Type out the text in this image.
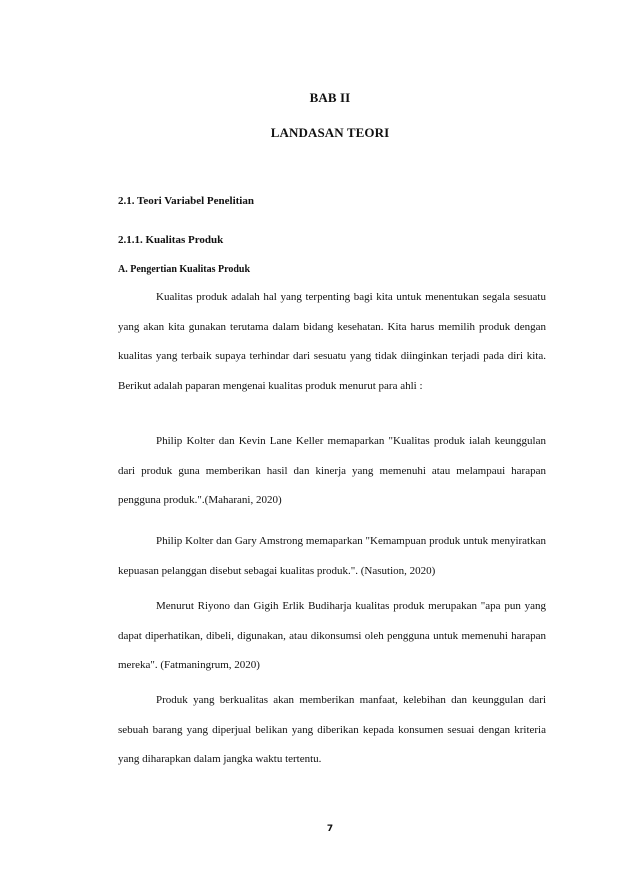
BAB II
LANDASAN TEORI
2.1. Teori Variabel Penelitian
2.1.1. Kualitas Produk
A. Pengertian Kualitas Produk

Kualitas produk adalah hal yang terpenting bagi kita untuk menentukan segala sesuatu yang akan kita gunakan terutama dalam bidang kesehatan. Kita harus memilih produk dengan kualitas yang terbaik supaya terhindar dari sesuatu yang tidak diinginkan terjadi pada diri kita. Berikut adalah paparan mengenai kualitas produk menurut para ahli :

Philip Kolter dan Kevin Lane Keller memaparkan "Kualitas produk ialah keunggulan dari produk guna memberikan hasil dan kinerja yang memenuhi atau melampaui harapan pengguna produk.".(Maharani, 2020)

Philip Kolter dan Gary Amstrong memaparkan "Kemampuan produk untuk menyiratkan kepuasan pelanggan disebut sebagai kualitas produk.". (Nasution, 2020)

Menurut Riyono dan Gigih Erlik Budiharja kualitas produk merupakan "apa pun yang dapat diperhatikan, dibeli, digunakan, atau dikonsumsi oleh pengguna untuk memenuhi harapan mereka". (Fatmaningrum, 2020)

Produk yang berkualitas akan memberikan manfaat, kelebihan dan keunggulan dari sebuah barang yang diperjual belikan yang diberikan kepada konsumen sesuai dengan kriteria yang diharapkan dalam jangka waktu tertentu.

7
